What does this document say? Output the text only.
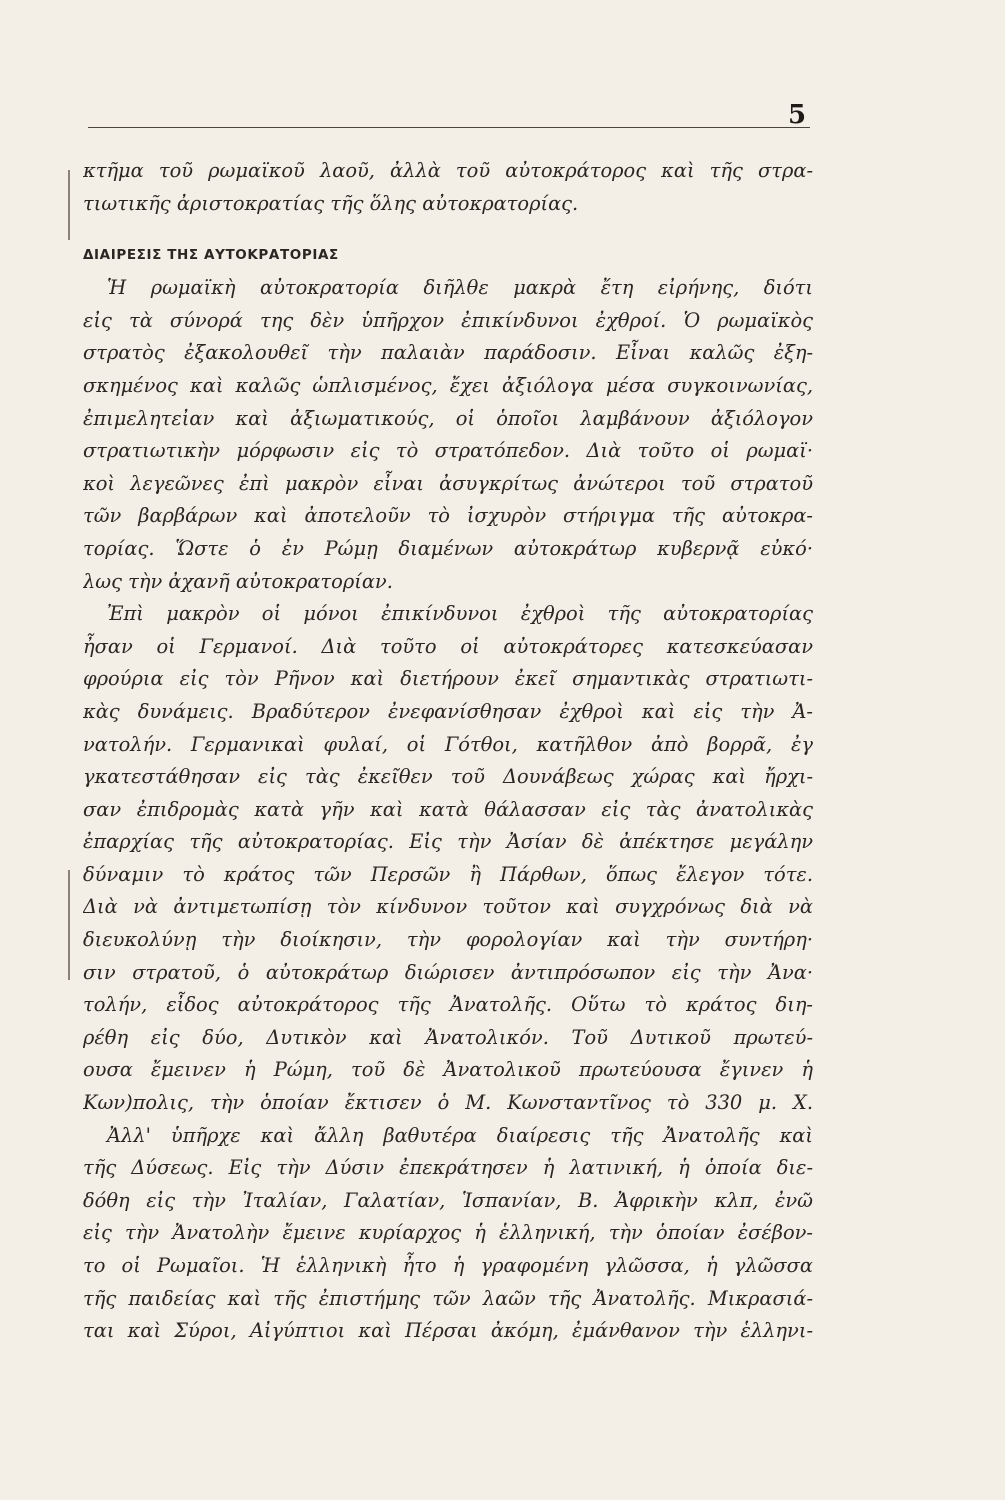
5
κτῆμα τοῦ ρωμαϊκοῦ λαοῦ, ἀλλὰ τοῦ αὐτοκράτορος καὶ τῆς στρα-
τιωτικῆς ἀριστοκρατίας τῆς ὅλης αὐτοκρατορίας.
ΔΙΑΙΡΕΣΙΣ ΤΗΣ ΑΥΤΟΚΡΑΤΟΡΙΑΣ
Ἡ ρωμαϊκὴ αὐτοκρατορία διῆλθε μακρὰ ἔτη εἰρήνης, διότι
εἰς τὰ σύνορά της δὲν ὑπῆρχον ἐπικίνδυνοι ἐχθροί. Ὁ ρωμαϊκὸς
στρατὸς ἐξακολουθεῖ τὴν παλαιὰν παράδοσιν. Εἶναι καλῶς ἐξη-
σκημένος καὶ καλῶς ὡπλισμένος, ἔχει ἀξιόλογα μέσα συγκοινωνίας,
ἐπιμελητεἰαν καὶ ἀξιωματικούς, οἱ ὁποῖοι λαμβάνουν ἀξιόλογον
στρατιωτικὴν μόρφωσιν εἰς τὸ στρατόπεδον. Διὰ τοῦτο οἱ ρωμαϊ·
κοὶ λεγεῶνες ἐπὶ μακρὸν εἶναι ἀσυγκρίτως ἀνώτεροι τοῦ στρατοῦ
τῶν βαρβάρων καὶ ἀποτελοῦν τὸ ἰσχυρὸν στήριγμα τῆς αὐτοκρα-
τορίας. Ὥστε ὁ ἐν Ρώμῃ διαμένων αὐτοκράτωρ κυβερνᾷ εὐκό·
λως τὴν ἀχανῆ αὐτοκρατορίαν.
Ἐπὶ μακρὸν οἱ μόνοι ἐπικίνδυνοι ἐχθροὶ τῆς αὐτοκρατορίας
ἦσαν οἱ Γερμανοί. Διὰ τοῦτο οἱ αὐτοκράτορες κατεσκεύασαν
φρούρια εἰς τὸν Ρῆνον καὶ διετήρουν ἐκεῖ σημαντικὰς στρατιωτι-
κὰς δυνάμεις. Βραδύτερον ἐνεφανίσθησαν ἐχθροὶ καὶ εἰς τὴν Ἀ-
νατολήν. Γερμανικαὶ φυλαί, οἱ Γότθοι, κατῆλθον ἀπὸ βορρᾶ, ἐγ
γκατεστάθησαν εἰς τὰς ἐκεῖθεν τοῦ Δουνάβεως χώρας καὶ ἤρχι-
σαν ἐπιδρομὰς κατὰ γῆν καὶ κατὰ θάλασσαν εἰς τὰς ἀνατολικὰς
ἐπαρχίας τῆς αὐτοκρατορίας. Εἰς τὴν Ἀσίαν δὲ ἀπέκτησε μεγάλην
δύναμιν τὸ κράτος τῶν Περσῶν ἢ Πάρθων, ὅπως ἔλεγον τότε.
Διὰ νὰ ἀντιμετωπίσῃ τὸν κίνδυνον τοῦτον καὶ συγχρόνως διὰ νὰ
διευκολύνῃ τὴν διοίκησιν, τὴν φορολογίαν καὶ τὴν συντήρη·
σιν στρατοῦ, ὁ αὐτοκράτωρ διώρισεν ἀντιπρόσωπον εἰς τὴν Ἀνα·
τολήν, εἶδος αὐτοκράτορος τῆς Ἀνατολῆς. Οὕτω τὸ κράτος διη-
ρέθη εἰς δύο, Δυτικὸν καὶ Ἀνατολικόν. Τοῦ Δυτικοῦ πρωτεύ-
ουσα ἔμεινεν ἡ Ρώμη, τοῦ δὲ Ἀνατολικοῦ πρωτεύουσα ἔγινεν ἡ
Κων)πολις, τὴν ὁποίαν ἔκτισεν ὁ Μ. Κωνσταντῖνος τὸ 330 μ. Χ.
Ἀλλ' ὑπῆρχε καὶ ἄλλη βαθυτέρα διαίρεσις τῆς Ἀνατολῆς καὶ
τῆς Δύσεως. Εἰς τὴν Δύσιν ἐπεκράτησεν ἡ λατινική, ἡ ὁποία διε-
δόθη εἰς τὴν Ἰταλίαν, Γαλατίαν, Ἱσπανίαν, Β. Ἀφρικὴν κλπ, ἐνῶ
εἰς τὴν Ἀνατολὴν ἔμεινε κυρίαρχος ἡ ἑλληνική, τὴν ὁποίαν ἐσέβον-
το οἱ Ρωμαῖοι. Ἡ ἑλληνικὴ ἦτο ἡ γραφομένη γλῶσσα, ἡ γλῶσσα
τῆς παιδείας καὶ τῆς ἐπιστήμης τῶν λαῶν τῆς Ἀνατολῆς. Μικρασιά-
ται καὶ Σύροι, Αἰγύπτιοι καὶ Πέρσαι ἀκόμη, ἐμάνθανον τὴν ἑλληνι-
